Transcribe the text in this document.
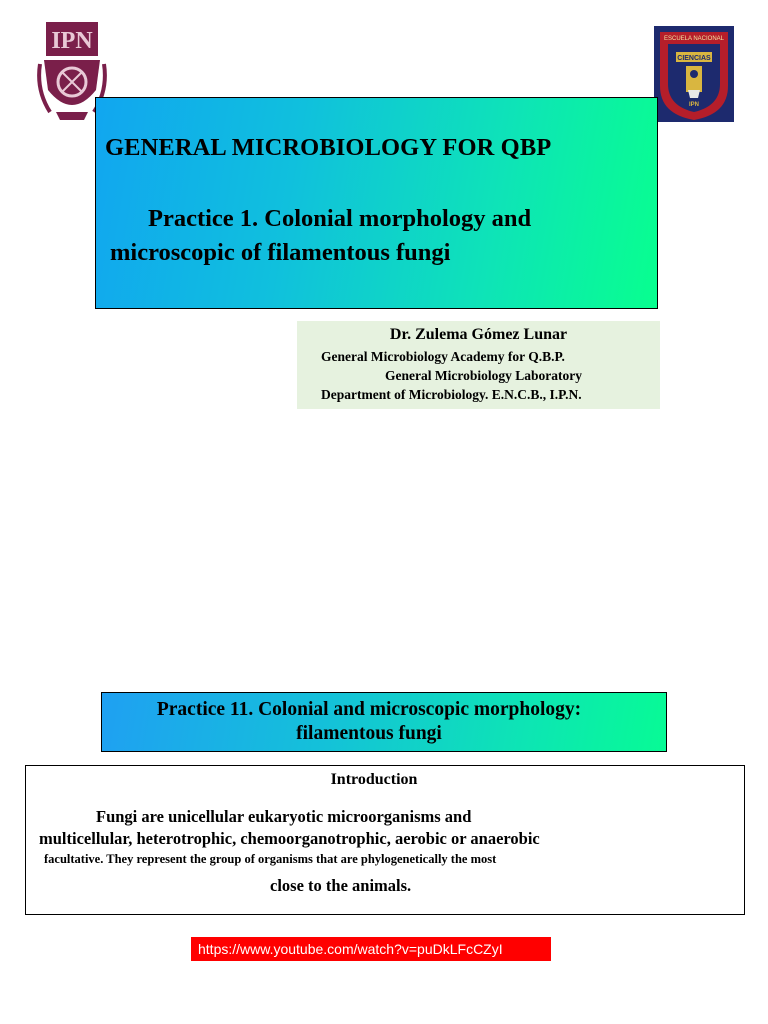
IPN
CIENCIAS
IPN
ESCUELA NACIONAL
GENERAL MICROBIOLOGY FOR QBP
Practice 1. Colonial morphology and
microscopic of filamentous fungi
Dr. Zulema Gómez Lunar
General Microbiology Academy for Q.B.P.
General Microbiology Laboratory
Department of Microbiology. E.N.C.B., I.P.N.
Practice 11. Colonial and microscopic morphology:
filamentous fungi
Introduction
Fungi are unicellular eukaryotic microorganisms and
multicellular, heterotrophic, chemoorganotrophic, aerobic or anaerobic
facultative. They represent the group of organisms that are phylogenetically the most
close to the animals.
https://www.youtube.com/watch?v=puDkLFcCZyI
